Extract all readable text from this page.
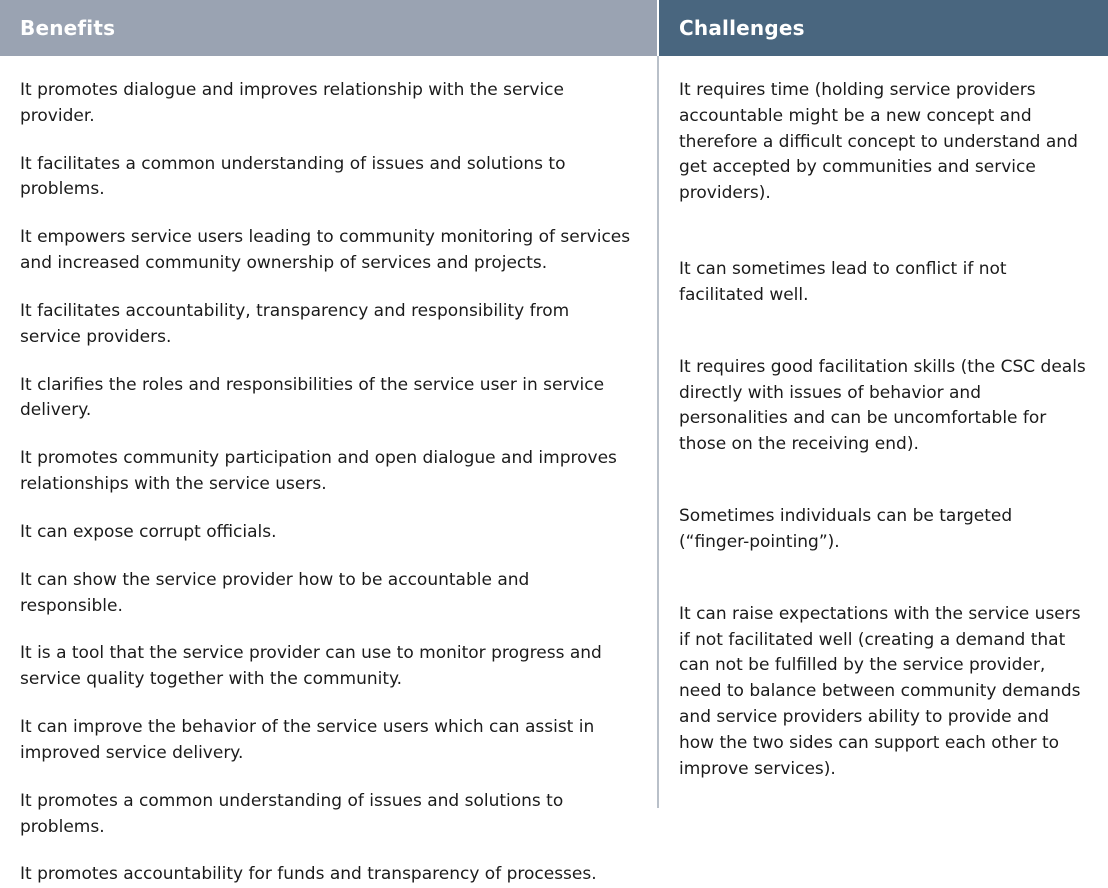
Benefits	Challenges

It promotes dialogue and improves relationship with the service provider.

It facilitates a common understanding of issues and solutions to problems.

It empowers service users leading to community monitoring of services and increased community ownership of services and projects.

It facilitates accountability, transparency and responsibility from service providers.

It clarifies the roles and responsibilities of the service user in service delivery.

It promotes community participation and open dialogue and improves relationships with the service users.

It can expose corrupt officials.

It can show the service provider how to be accountable and responsible.

It is a tool that the service provider can use to monitor progress and service quality together with the community.

It can improve the behavior of the service users which can assist in improved service delivery.

It promotes a common understanding of issues and solutions to problems.

It promotes accountability for funds and transparency of processes.

It requires time (holding service providers accountable might be a new concept and therefore a difficult concept to understand and get accepted by communities and service providers).

It can sometimes lead to conflict if not facilitated well.

It requires good facilitation skills (the CSC deals directly with issues of behavior and personalities and can be uncomfortable for those on the receiving end).

Sometimes individuals can be targeted (“finger-pointing”).

It can raise expectations with the service users if not facilitated well (creating a demand that can not be fulfilled by the service provider, need to balance between community demands and service providers ability to provide and how the two sides can support each other to improve services).
